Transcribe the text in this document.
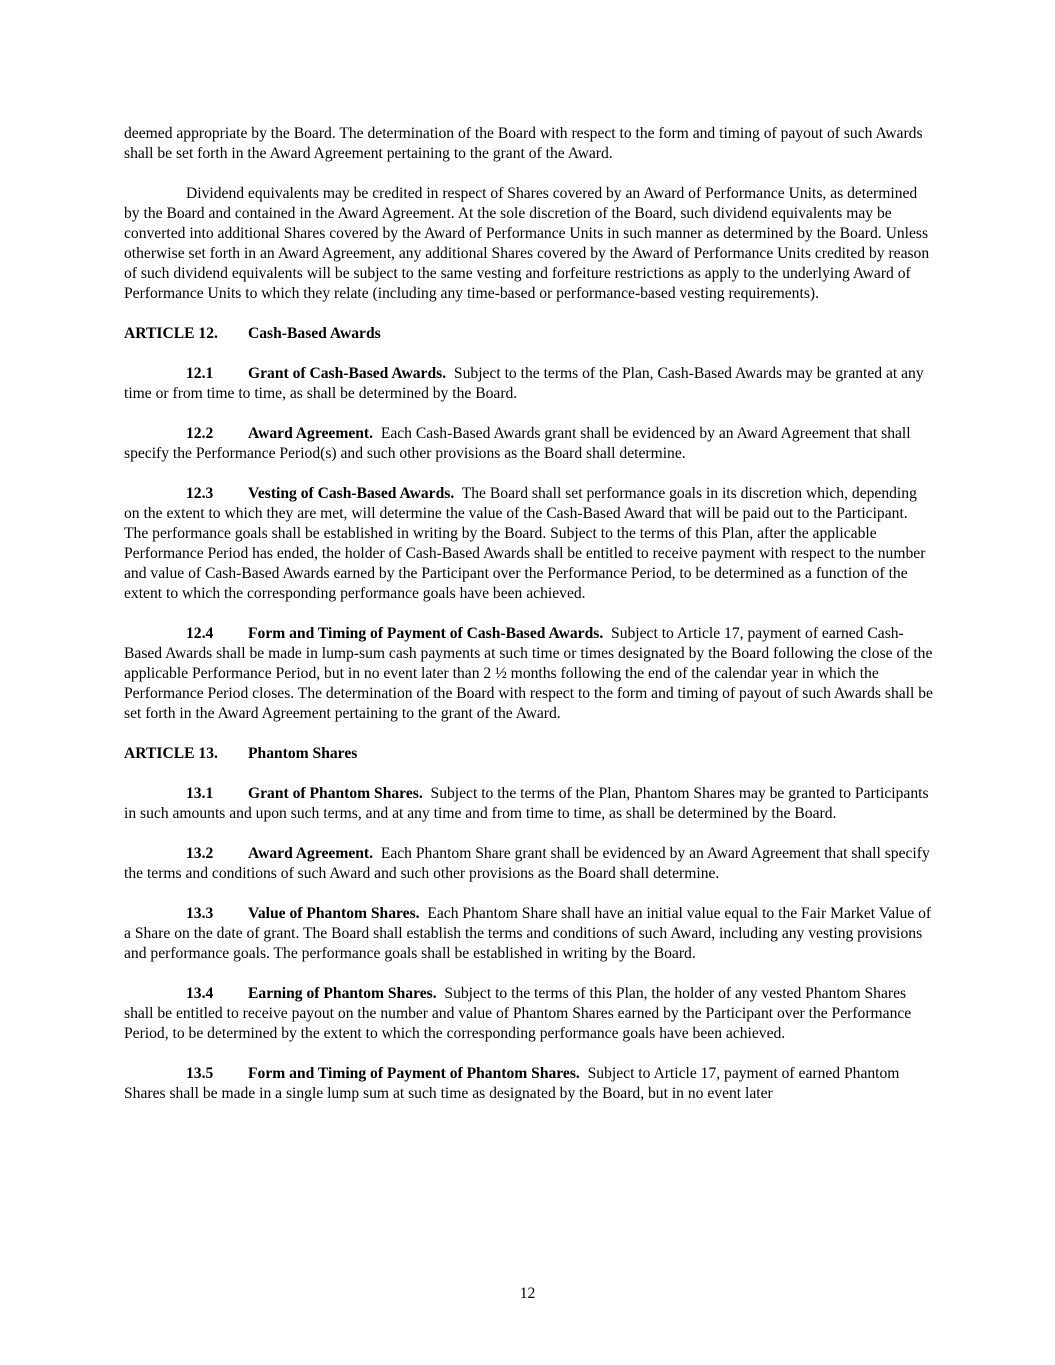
deemed appropriate by the Board. The determination of the Board with respect to the form and timing of payout of such Awards shall be set forth in the Award Agreement pertaining to the grant of the Award.

Dividend equivalents may be credited in respect of Shares covered by an Award of Performance Units, as determined by the Board and contained in the Award Agreement. At the sole discretion of the Board, such dividend equivalents may be converted into additional Shares covered by the Award of Performance Units in such manner as determined by the Board. Unless otherwise set forth in an Award Agreement, any additional Shares covered by the Award of Performance Units credited by reason of such dividend equivalents will be subject to the same vesting and forfeiture restrictions as apply to the underlying Award of Performance Units to which they relate (including any time-based or performance-based vesting requirements).

ARTICLE 12. Cash-Based Awards

12.1 Grant of Cash-Based Awards. Subject to the terms of the Plan, Cash-Based Awards may be granted at any time or from time to time, as shall be determined by the Board.

12.2 Award Agreement. Each Cash-Based Awards grant shall be evidenced by an Award Agreement that shall specify the Performance Period(s) and such other provisions as the Board shall determine.

12.3 Vesting of Cash-Based Awards. The Board shall set performance goals in its discretion which, depending on the extent to which they are met, will determine the value of the Cash-Based Award that will be paid out to the Participant. The performance goals shall be established in writing by the Board. Subject to the terms of this Plan, after the applicable Performance Period has ended, the holder of Cash-Based Awards shall be entitled to receive payment with respect to the number and value of Cash-Based Awards earned by the Participant over the Performance Period, to be determined as a function of the extent to which the corresponding performance goals have been achieved.

12.4 Form and Timing of Payment of Cash-Based Awards. Subject to Article 17, payment of earned Cash-Based Awards shall be made in lump-sum cash payments at such time or times designated by the Board following the close of the applicable Performance Period, but in no event later than 2 ½ months following the end of the calendar year in which the Performance Period closes. The determination of the Board with respect to the form and timing of payout of such Awards shall be set forth in the Award Agreement pertaining to the grant of the Award.

ARTICLE 13. Phantom Shares

13.1 Grant of Phantom Shares. Subject to the terms of the Plan, Phantom Shares may be granted to Participants in such amounts and upon such terms, and at any time and from time to time, as shall be determined by the Board.

13.2 Award Agreement. Each Phantom Share grant shall be evidenced by an Award Agreement that shall specify the terms and conditions of such Award and such other provisions as the Board shall determine.

13.3 Value of Phantom Shares. Each Phantom Share shall have an initial value equal to the Fair Market Value of a Share on the date of grant. The Board shall establish the terms and conditions of such Award, including any vesting provisions and performance goals. The performance goals shall be established in writing by the Board.

13.4 Earning of Phantom Shares. Subject to the terms of this Plan, the holder of any vested Phantom Shares shall be entitled to receive payout on the number and value of Phantom Shares earned by the Participant over the Performance Period, to be determined by the extent to which the corresponding performance goals have been achieved.

13.5 Form and Timing of Payment of Phantom Shares. Subject to Article 17, payment of earned Phantom Shares shall be made in a single lump sum at such time as designated by the Board, but in no event later

12
